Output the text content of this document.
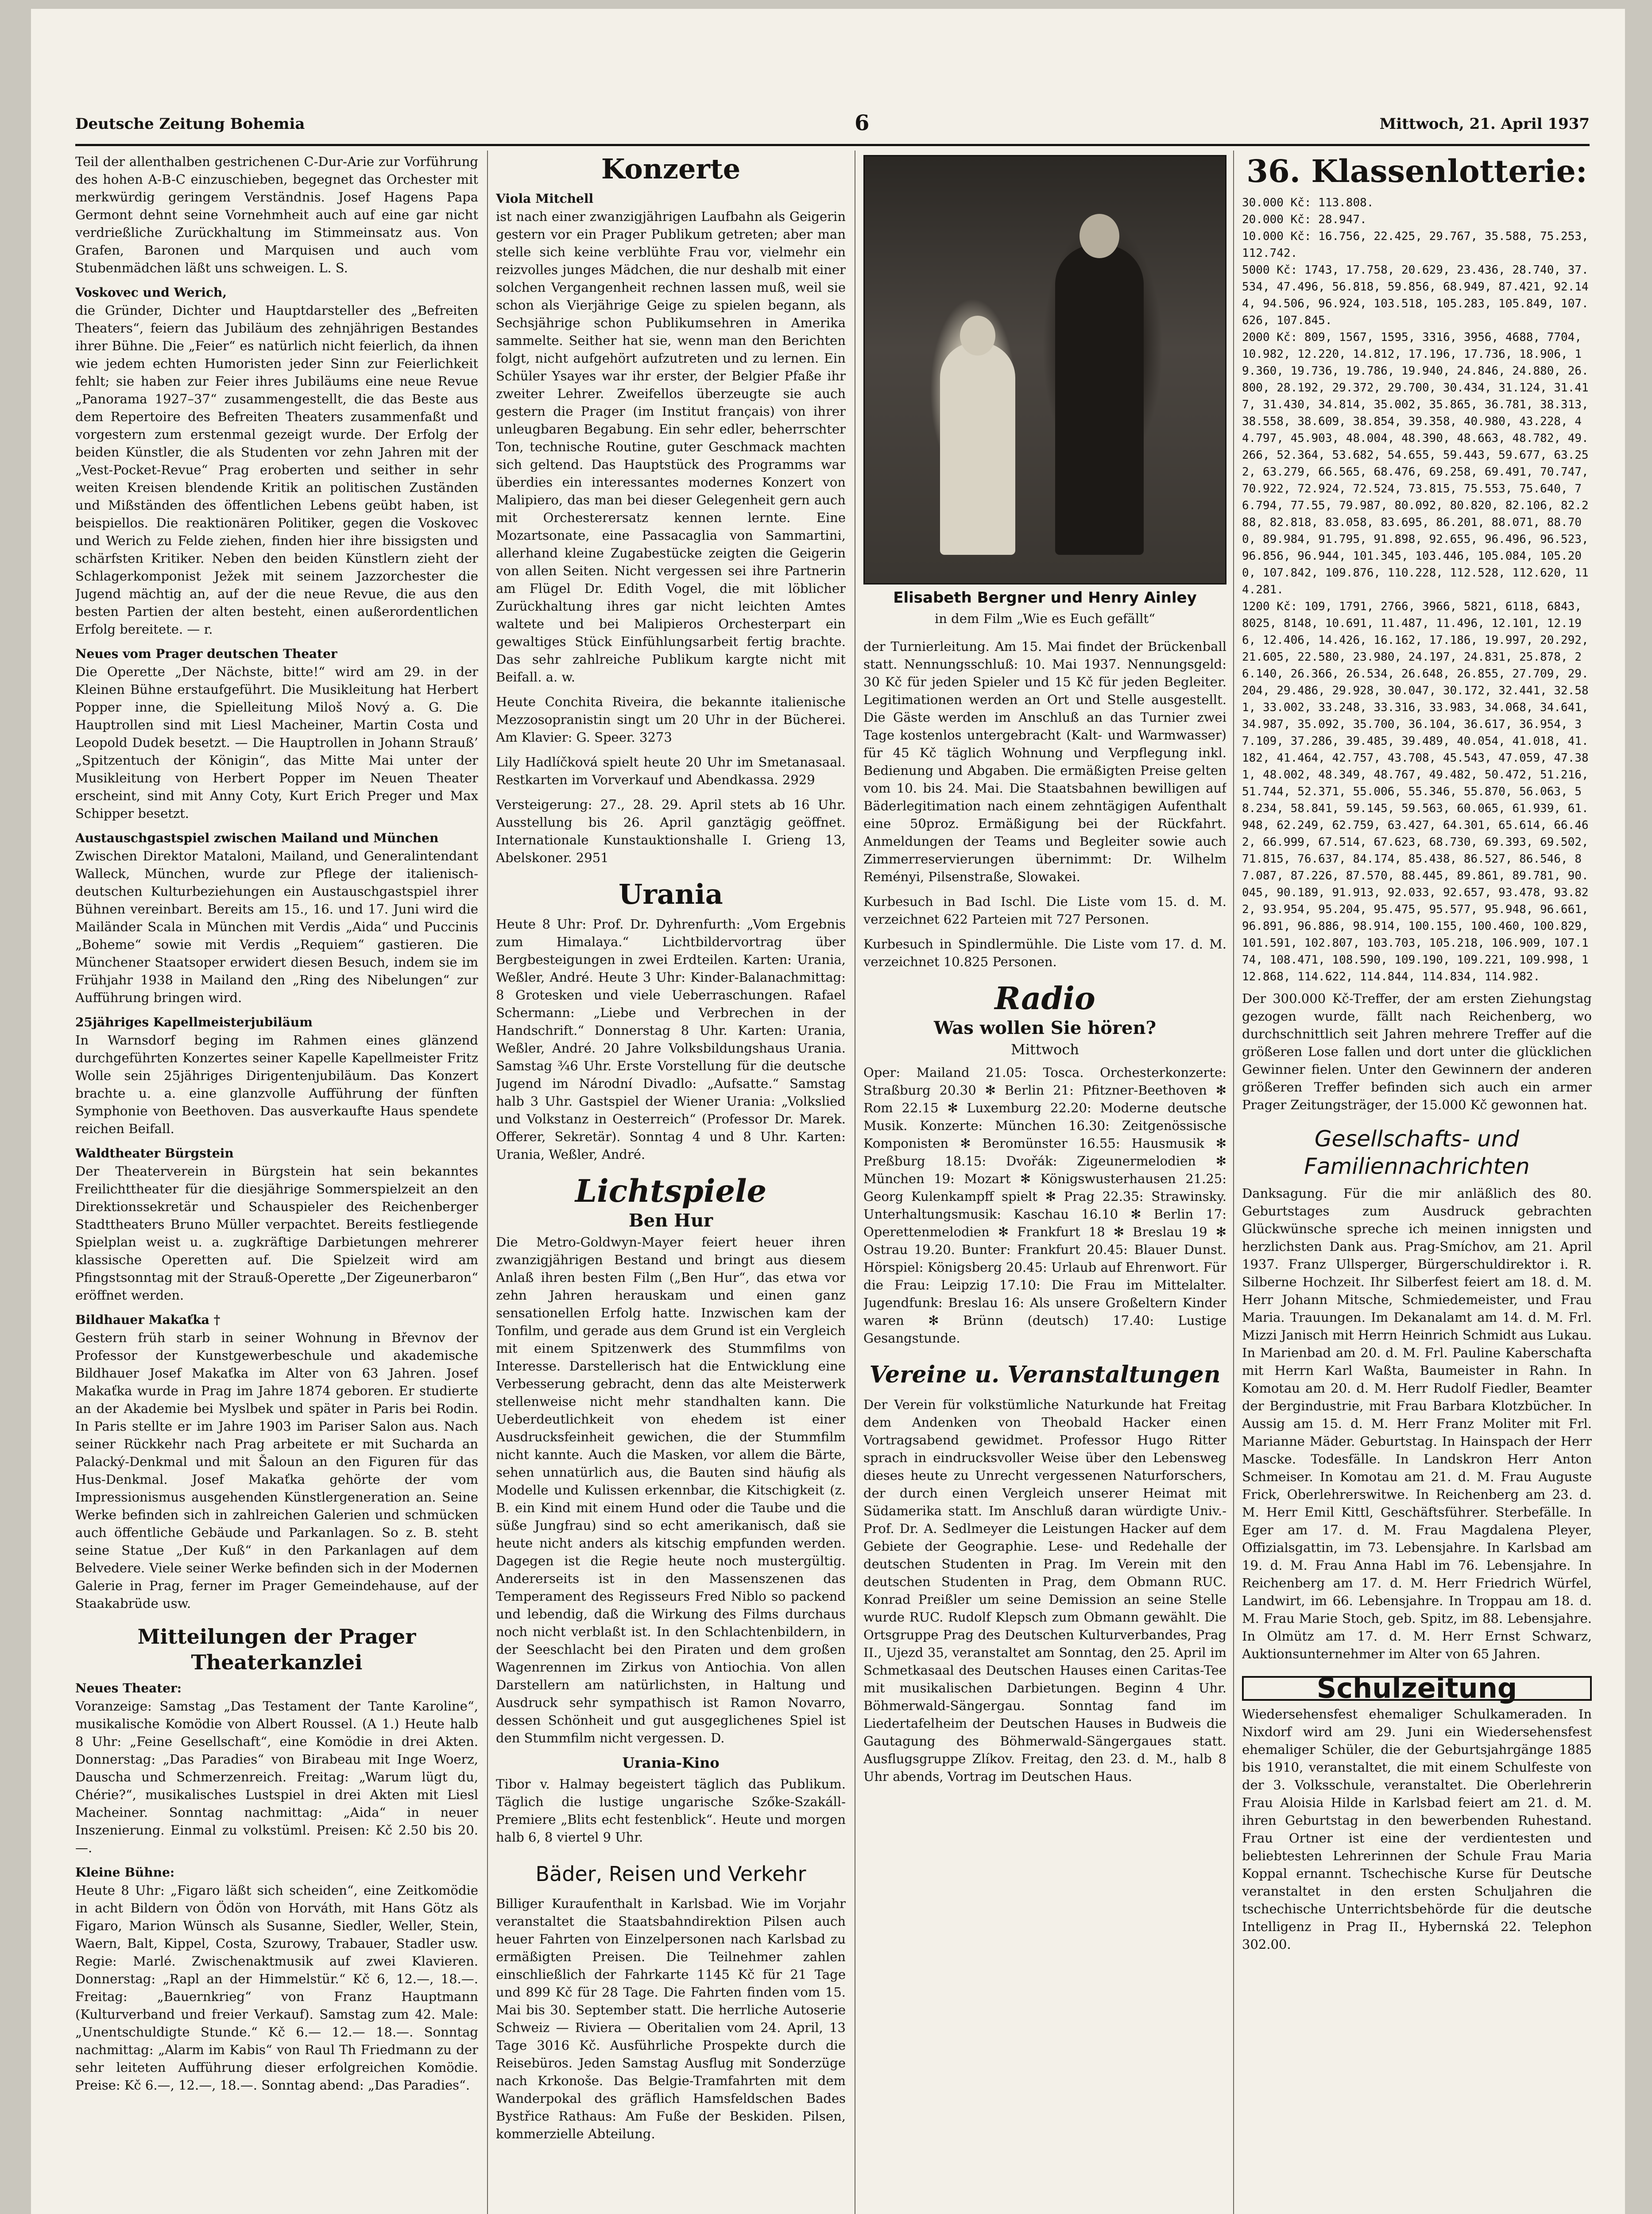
Deutsche Zeitung Bohemia	6	Mittwoch, 21. April 1937

Teil der allenthalben gestrichenen C-Dur-Arie zur Vorführung des hohen A-B-C einzuschieben, begegnet das Orchester mit merkwürdig geringem Verständnis. Josef Hagens Papa Germont dehnt seine Vornehmheit auch auf eine gar nicht verdrießliche Zurückhaltung im Stimmeinsatz aus. Von Grafen, Baronen und Marquisen und auch vom Stubenmädchen läßt uns schweigen. L. S.

Voskovec und Werich,

die Gründer, Dichter und Hauptdarsteller des „Befreiten Theaters“, feiern das Jubiläum des zehnjährigen Bestandes ihrer Bühne. Die „Feier“ es natürlich nicht feierlich, da ihnen wie jedem echten Humoristen jeder Sinn zur Feierlichkeit fehlt; sie haben zur Feier ihres Jubiläums eine neue Revue „Panorama 1927–37“ zusammengestellt, die das Beste aus dem Repertoire des Befreiten Theaters zusammenfaßt und vorgestern zum erstenmal gezeigt wurde. Der Erfolg der beiden Künstler, die als Studenten vor zehn Jahren mit der „Vest-Pocket-Revue“ Prag eroberten und seither in sehr weiten Kreisen blendende Kritik an politischen Zuständen und Mißständen des öffentlichen Lebens geübt haben, ist beispiellos. Die reaktionären Politiker, gegen die Voskovec und Werich zu Felde ziehen, finden hier ihre bissigsten und schärfsten Kritiker. Neben den beiden Künstlern zieht der Schlagerkomponist Ježek mit seinem Jazzorchester die Jugend mächtig an, auf der die neue Revue, die aus den besten Partien der alten besteht, einen außerordentlichen Erfolg bereitete. — r.

Neues vom Prager deutschen Theater

Die Operette „Der Nächste, bitte!“ wird am 29. in der Kleinen Bühne erstaufgeführt. Die Musikleitung hat Herbert Popper inne, die Spielleitung Miloš Nový a. G. Die Hauptrollen sind mit Liesl Macheiner, Martin Costa und Leopold Dudek besetzt. — Die Hauptrollen in Johann Strauß’ „Spitzentuch der Königin“, das Mitte Mai unter der Musikleitung von Herbert Popper im Neuen Theater erscheint, sind mit Anny Coty, Kurt Erich Preger und Max Schipper besetzt.

Austauschgastspiel zwischen Mailand und München

Zwischen Direktor Mataloni, Mailand, und Generalintendant Walleck, München, wurde zur Pflege der italienisch-deutschen Kulturbeziehungen ein Austauschgastspiel ihrer Bühnen vereinbart. Bereits am 15., 16. und 17. Juni wird die Mailänder Scala in München mit Verdis „Aida“ und Puccinis „Boheme“ sowie mit Verdis „Requiem“ gastieren. Die Münchener Staatsoper erwidert diesen Besuch, indem sie im Frühjahr 1938 in Mailand den „Ring des Nibelungen“ zur Aufführung bringen wird.

25jähriges Kapellmeisterjubiläum

In Warnsdorf beging im Rahmen eines glänzend durchgeführten Konzertes seiner Kapelle Kapellmeister Fritz Wolle sein 25jähriges Dirigentenjubiläum. Das Konzert brachte u. a. eine glanzvolle Aufführung der fünften Symphonie von Beethoven. Das ausverkaufte Haus spendete reichen Beifall.

Waldtheater Bürgstein

Der Theaterverein in Bürgstein hat sein bekanntes Freilichttheater für die diesjährige Sommerspielzeit an den Direktionssekretär und Schauspieler des Reichenberger Stadttheaters Bruno Müller verpachtet. Bereits festliegende Spielplan weist u. a. zugkräftige Darbietungen mehrerer klassische Operetten auf. Die Spielzeit wird am Pfingstsonntag mit der Strauß-Operette „Der Zigeunerbaron“ eröffnet werden.

Bildhauer Makaťka †

Gestern früh starb in seiner Wohnung in Břevnov der Professor der Kunstgewerbeschule und akademische Bildhauer Josef Makaťka im Alter von 63 Jahren. Josef Makaťka wurde in Prag im Jahre 1874 geboren. Er studierte an der Akademie bei Myslbek und später in Paris bei Rodin. In Paris stellte er im Jahre 1903 im Pariser Salon aus. Nach seiner Rückkehr nach Prag arbeitete er mit Suchardа an Palacký-Denkmal und mit Šaloun an den Figuren für das Hus-Denkmal. Josef Makaťka gehörte der vom Impressionismus ausgehenden Künstlergeneration an. Seine Werke befinden sich in zahlreichen Galerien und schmücken auch öffentliche Gebäude und Parkanlagen. So z. B. steht seine Statue „Der Kuß“ in den Parkanlagen auf dem Belvedere. Viele seiner Werke befinden sich in der Modernen Galerie in Prag, ferner im Prager Gemeindehause, auf der Staakabrüde usw.

Mitteilungen der Prager Theaterkanzlei
Neues Theater:

Voranzeige: Samstag „Das Testament der Tante Karoline“, musikalische Komödie von Albert Roussel. (A 1.) Heute halb 8 Uhr: „Feine Gesellschaft“, eine Komödie in drei Akten. Donnerstag: „Das Paradies“ von Birabeau mit Inge Woerz, Dauscha und Schmerzenreich. Freitag: „Warum lügt du, Chérie?“, musikalisches Lustspiel in drei Akten mit Liesl Macheiner. Sonntag nachmittag: „Aida“ in neuer Inszenierung. Einmal zu volkstüml. Preisen: Kč 2.50 bis 20.—.

Kleine Bühne:

Heute 8 Uhr: „Figaro läßt sich scheiden“, eine Zeitkomödie in acht Bildern von Ödön von Horváth, mit Hans Götz als Figaro, Marion Wünsch als Susanne, Siedler, Weller, Stein, Waern, Balt, Kippel, Costa, Szurowy, Trabauer, Stadler usw. Regie: Marlé. Zwischenaktmusik auf zwei Klavieren. Donnerstag: „Rapl an der Himmelstür.“ Kč 6, 12.—, 18.—. Freitag: „Bauernkrieg“ von Franz Hauptmann (Kulturverband und freier Verkauf). Samstag zum 42. Male: „Unentschuldigte Stunde.“ Kč 6.— 12.— 18.—. Sonntag nachmittag: „Alarm im Kabis“ von Raul Th Friedmann zu der sehr leiteten Aufführung dieser erfolgreichen Komödie. Preise: Kč 6.—, 12.—, 18.—. Sonntag abend: „Das Paradies“.

Konzerte
Viola Mitchell

ist nach einer zwanzigjährigen Laufbahn als Geigerin gestern vor ein Prager Publikum getreten; aber man stelle sich keine verblühte Frau vor, vielmehr ein reizvolles junges Mädchen, die nur deshalb mit einer solchen Vergangenheit rechnen lassen muß, weil sie schon als Vierjährige Geige zu spielen begann, als Sechsjährige schon Publikumsehren in Amerika sammelte. Seither hat sie, wenn man den Berichten folgt, nicht aufgehört aufzutreten und zu lernen. Ein Schüler Ysayes war ihr erster, der Belgier Pfaße ihr zweiter Lehrer. Zweifellos überzeugte sie auch gestern die Prager (im Institut français) von ihrer unleugbaren Begabung. Ein sehr edler, beherrschter Ton, technische Routine, guter Geschmack machten sich geltend. Das Hauptstück des Programms war überdies ein interessantes modernes Konzert von Malipiero, das man bei dieser Gelegenheit gern auch mit Orchesterersatz kennen lernte. Eine Mozartsonate, eine Passacaglia von Sammartini, allerhand kleine Zugabestücke zeigten die Geigerin von allen Seiten. Nicht vergessen sei ihre Partnerin am Flügel Dr. Edith Vogel, die mit löblicher Zurückhaltung ihres gar nicht leichten Amtes waltete und bei Malipieros Orchesterpart ein gewaltiges Stück Einfühlungsarbeit fertig brachte. Das sehr zahlreiche Publikum kargte nicht mit Beifall. a. w.

Heute Conchita Riveira, die bekannte italienische Mezzosopranistin singt um 20 Uhr in der Bücherei. Am Klavier: G. Speer. 3273

Lily Hadlíčková spielt heute 20 Uhr im Smetanasaal. Restkarten im Vorverkauf und Abendkassa. 2929

Versteigerung: 27., 28. 29. April stets ab 16 Uhr. Ausstellung bis 26. April ganztägig geöffnet. Internationale Kunstauktionshalle I. Grieng 13, Abelskoner. 2951

Urania

Heute 8 Uhr: Prof. Dr. Dyhrenfurth: „Vom Ergebnis zum Himalaya.“ Lichtbildervortrag über Bergbesteigungen in zwei Erdteilen. Karten: Urania, Weßler, André. Heute 3 Uhr: Kinder-Balanachmittag: 8 Grotesken und viele Ueberraschungen. Rafael Schermann: „Liebe und Verbrechen in der Handschrift.“ Donnerstag 8 Uhr. Karten: Urania, Weßler, André. 20 Jahre Volksbildungshaus Urania. Samstag ¾6 Uhr. Erste Vorstellung für die deutsche Jugend im Národní Divadlo: „Aufsatte.“ Samstag halb 3 Uhr. Gastspiel der Wiener Urania: „Volkslied und Volkstanz in Oesterreich“ (Professor Dr. Marek. Offerer, Sekretär). Sonntag 4 und 8 Uhr. Karten: Urania, Weßler, André.

Lichtspiele
Ben Hur

Die Metro-Goldwyn-Mayer feiert heuer ihren zwanzigjährigen Bestand und bringt aus diesem Anlaß ihren besten Film („Ben Hur“, das etwa vor zehn Jahren herauskam und einen ganz sensationellen Erfolg hatte. Inzwischen kam der Tonfilm, und gerade aus dem Grund ist ein Vergleich mit einem Spitzenwerk des Stummfilms von Interesse. Darstellerisch hat die Entwicklung eine Verbesserung gebracht, denn das alte Meisterwerk stellenweise nicht mehr standhalten kann. Die Ueberdeutlichkeit von ehedem ist einer Ausdrucksfeinheit gewichen, die der Stummfilm nicht kannte. Auch die Masken, vor allem die Bärte, sehen unnatürlich aus, die Bauten sind häufig als Modelle und Kulissen erkennbar, die Kitschigkeit (z. B. ein Kind mit einem Hund oder die Taube und die süße Jungfrau) sind so echt amerikanisch, daß sie heute nicht anders als kitschig empfunden werden. Dagegen ist die Regie heute noch mustergültig. Andererseits ist in den Massenszenen das Temperament des Regisseurs Fred Niblo so packend und lebendig, daß die Wirkung des Films durchaus noch nicht verblaßt ist. In den Schlachtenbildern, in der Seeschlacht bei den Piraten und dem großen Wagenrennen im Zirkus von Antiochia. Von allen Darstellern am natürlichsten, in Haltung und Ausdruck sehr sympathisch ist Ramon Novarro, dessen Schönheit und gut ausgeglichenes Spiel ist den Stummfilm nicht vergessen. D.

Urania-Kino

Tibor v. Halmay begeistert täglich das Publikum. Täglich die lustige ungarische Szőke-Szakáll-Premiere „Blits echt festenblick“. Heute und morgen halb 6, 8 viertel 9 Uhr.

Bäder, Reisen und Verkehr

Billiger Kuraufenthalt in Karlsbad. Wie im Vorjahr veranstaltet die Staatsbahndirektion Pilsen auch heuer Fahrten von Einzelpersonen nach Karlsbad zu ermäßigten Preisen. Die Teilnehmer zahlen einschließlich der Fahrkarte 1145 Kč für 21 Tage und 899 Kč für 28 Tage. Die Fahrten finden vom 15. Mai bis 30. September statt. Die herrliche Autoserie Schweiz — Riviera — Oberitalien vom 24. April, 13 Tage 3016 Kč. Ausführliche Prospekte durch die Reisebüros. Jeden Samstag Ausflug mit Sonderzüge nach Krkonoše. Das Belgie-Tramfahrten mit dem Wanderpokal des gräflich Hamsfeldschen Bades Bystřice Rathaus: Am Fuße der Beskiden. Pilsen, kommerzielle Abteilung.

Elisabeth Bergner und Henry Ainley
in dem Film „Wie es Euch gefällt“

der Turnierleitung. Am 15. Mai findet der Brückenball statt. Nennungsschluß: 10. Mai 1937. Nennungsgeld: 30 Kč für jeden Spieler und 15 Kč für jeden Begleiter. Legitimationen werden an Ort und Stelle ausgestellt. Die Gäste werden im Anschluß an das Turnier zwei Tage kostenlos untergebracht (Kalt- und Warmwasser) für 45 Kč täglich Wohnung und Verpflegung inkl. Bedienung und Abgaben. Die ermäßigten Preise gelten vom 10. bis 24. Mai. Die Staatsbahnen bewilligen auf Bäderlegitimation nach einem zehntägigen Aufenthalt eine 50proz. Ermäßigung bei der Rückfahrt. Anmeldungen der Teams und Begleiter sowie auch Zimmerreservierungen übernimmt: Dr. Wilhelm Reményi, Pilsenstraße, Slowakei.

Kurbesuch in Bad Ischl. Die Liste vom 15. d. M. verzeichnet 622 Parteien mit 727 Personen.

Kurbesuch in Spindlermühle. Die Liste vom 17. d. M. verzeichnet 10.825 Personen.

Radio
Was wollen Sie hören?
Mittwoch

Oper: Mailand 21.05: Tosca. Orchesterkonzerte: Straßburg 20.30 ✻ Berlin 21: Pfitzner-Beethoven ✻ Rom 22.15 ✻ Luxemburg 22.20: Moderne deutsche Musik. Konzerte: München 16.30: Zeitgenössische Komponisten ✻ Beromünster 16.55: Hausmusik ✻ Preßburg 18.15: Dvořák: Zigeunermelodien ✻ München 19: Mozart ✻ Königswusterhausen 21.25: Georg Kulenkampff spielt ✻ Prag 22.35: Strawinsky. Unterhaltungsmusik: Kaschau 16.10 ✻ Berlin 17: Operettenmelodien ✻ Frankfurt 18 ✻ Breslau 19 ✻ Ostrau 19.20. Bunter: Frankfurt 20.45: Blauer Dunst. Hörspiel: Königsberg 20.45: Urlaub auf Ehrenwort. Für die Frau: Leipzig 17.10: Die Frau im Mittelalter. Jugendfunk: Breslau 16: Als unsere Großeltern Kinder waren ✻ Brünn (deutsch) 17.40: Lustige Gesangstunde.

Vereine u. Veranstaltungen

Der Verein für volkstümliche Naturkunde hat Freitag dem Andenken von Theobald Hacker einen Vortragsabend gewidmet. Professor Hugo Ritter sprach in eindrucksvoller Weise über den Lebensweg dieses heute zu Unrecht vergessenen Naturforschers, der durch einen Vergleich unserer Heimat mit Südamerika statt. Im Anschluß daran würdigte Univ.-Prof. Dr. A. Sedlmeyer die Leistungen Hacker auf dem Gebiete der Geographie. Lese- und Redehalle der deutschen Studenten in Prag. Im Verein mit den deutschen Studenten in Prag, dem Obmann RUC. Konrad Preißler um seine Demission an seine Stelle wurde RUC. Rudolf Klepsch zum Obmann gewählt. Die Ortsgruppe Prag des Deutschen Kulturverbandes, Prag II., Ujezd 35, veranstaltet am Sonntag, den 25. April im Schmetkasaal des Deutschen Hauses einen Caritas-Tee mit musikalischen Darbietungen. Beginn 4 Uhr. Böhmerwald-Sängergau. Sonntag fand im Liedertafelheim der Deutschen Hauses in Budweis die Gautagung des Böhmerwald-Sängergaues statt. Ausflugsgruppe Zlíkov. Freitag, den 23. d. M., halb 8 Uhr abends, Vortrag im Deutschen Haus.

36. Klassenlotterie:
30.000 Kč: 113.808.
20.000 Kč: 28.947.
10.000 Kč: 16.756, 22.425, 29.767, 35.588, 75.253, 112.742.
5000 Kč: 1743, 17.758, 20.629, 23.436, 28.740, 37.534, 47.496, 56.818, 59.856, 68.949, 87.421, 92.144, 94.506, 96.924, 103.518, 105.283, 105.849, 107.626, 107.845.
2000 Kč: 809, 1567, 1595, 3316, 3956, 4688, 7704, 10.982, 12.220, 14.812, 17.196, 17.736, 18.906, 19.360, 19.736, 19.786, 19.940, 24.846, 24.880, 26.800, 28.192, 29.372, 29.700, 30.434, 31.124, 31.417, 31.430, 34.814, 35.002, 35.865, 36.781, 38.313, 38.558, 38.609, 38.854, 39.358, 40.980, 43.228, 44.797, 45.903, 48.004, 48.390, 48.663, 48.782, 49.266, 52.364, 53.682, 54.655, 59.443, 59.677, 63.252, 63.279, 66.565, 68.476, 69.258, 69.491, 70.747, 70.922, 72.924, 72.524, 73.815, 75.553, 75.640, 76.794, 77.55, 79.987, 80.092, 80.820, 82.106, 82.288, 82.818, 83.058, 83.695, 86.201, 88.071, 88.700, 89.984, 91.795, 91.898, 92.655, 96.496, 96.523, 96.856, 96.944, 101.345, 103.446, 105.084, 105.200, 107.842, 109.876, 110.228, 112.528, 112.620, 114.281.
1200 Kč: 109, 1791, 2766, 3966, 5821, 6118, 6843, 8025, 8148, 10.691, 11.487, 11.496, 12.101, 12.196, 12.406, 14.426, 16.162, 17.186, 19.997, 20.292, 21.605, 22.580, 23.980, 24.197, 24.831, 25.878, 26.140, 26.366, 26.534, 26.648, 26.855, 27.709, 29.204, 29.486, 29.928, 30.047, 30.172, 32.441, 32.581, 33.002, 33.248, 33.316, 33.983, 34.068, 34.641, 34.987, 35.092, 35.700, 36.104, 36.617, 36.954, 37.109, 37.286, 39.485, 39.489, 40.054, 41.018, 41.182, 41.464, 42.757, 43.708, 45.543, 47.059, 47.381, 48.002, 48.349, 48.767, 49.482, 50.472, 51.216, 51.744, 52.371, 55.006, 55.346, 55.870, 56.063, 58.234, 58.841, 59.145, 59.563, 60.065, 61.939, 61.948, 62.249, 62.759, 63.427, 64.301, 65.614, 66.462, 66.999, 67.514, 67.623, 68.730, 69.393, 69.502, 71.815, 76.637, 84.174, 85.438, 86.527, 86.546, 87.087, 87.226, 87.570, 88.445, 89.861, 89.781, 90.045, 90.189, 91.913, 92.033, 92.657, 93.478, 93.822, 93.954, 95.204, 95.475, 95.577, 95.948, 96.661, 96.891, 96.886, 98.914, 100.155, 100.460, 100.829, 101.591, 102.807, 103.703, 105.218, 106.909, 107.174, 108.471, 108.590, 109.190, 109.221, 109.998, 112.868, 114.622, 114.844, 114.834, 114.982.

Der 300.000 Kč-Treffer, der am ersten Ziehungstag gezogen wurde, fällt nach Reichenberg, wo durchschnittlich seit Jahren mehrere Treffer auf die größeren Lose fallen und dort unter die glücklichen Gewinner fielen. Unter den Gewinnern der anderen größeren Treffer befinden sich auch ein armer Prager Zeitungsträger, der 15.000 Kč gewonnen hat.

Gesellschafts- und Familiennachrichten

Danksagung. Für die mir anläßlich des 80. Geburtstages zum Ausdruck gebrachten Glückwünsche spreche ich meinen innigsten und herzlichsten Dank aus. Prag-Smíchov, am 21. April 1937. Franz Ullsperger, Bürgerschuldirektor i. R. Silberne Hochzeit. Ihr Silberfest feiert am 18. d. M. Herr Johann Mitsche, Schmiedemeister, und Frau Maria. Trauungen. Im Dekanalamt am 14. d. M. Frl. Mizzi Janisch mit Herrn Heinrich Schmidt aus Lukau. In Marienbad am 20. d. M. Frl. Pauline Kaberschafta mit Herrn Karl Waßta, Baumeister in Rahn. In Komotau am 20. d. M. Herr Rudolf Fiedler, Beamter der Bergindustrie, mit Frau Barbara Klotzbücher. In Aussig am 15. d. M. Herr Franz Moliter mit Frl. Marianne Mäder. Geburtstag. In Hainspach der Herr Mascke. Todesfälle. In Landskron Herr Anton Schmeiser. In Komotau am 21. d. M. Frau Auguste Frick, Oberlehrerswitwe. In Reichenberg am 23. d. M. Herr Emil Kittl, Geschäftsführer. Sterbefälle. In Eger am 17. d. M. Frau Magdalena Pleyer, Offizialsgattin, im 73. Lebensjahre. In Karlsbad am 19. d. M. Frau Anna Habl im 76. Lebensjahre. In Reichenberg am 17. d. M. Herr Friedrich Würfel, Landwirt, im 66. Lebensjahre. In Troppau am 18. d. M. Frau Marie Stoch, geb. Spitz, im 88. Lebensjahre. In Olmütz am 17. d. M. Herr Ernst Schwarz, Auktionsunternehmer im Alter von 65 Jahren.

Schulzeitung

Wiedersehensfest ehemaliger Schulkameraden. In Nixdorf wird am 29. Juni ein Wiedersehensfest ehemaliger Schüler, die der Geburtsjahrgänge 1885 bis 1910, veranstaltet, die mit einem Schulfeste von der 3. Volksschule, veranstaltet. Die Oberlehrerin Frau Aloisia Hilde in Karlsbad feiert am 21. d. M. ihren Geburtstag in den bewerbenden Ruhestand. Frau Ortner ist eine der verdientesten und beliebtesten Lehrerinnen der Schule Frau Maria Koppal ernannt. Tschechische Kurse für Deutsche veranstaltet in den ersten Schuljahren die tschechische Unterrichtsbehörde für die deutsche Intelligenz in Prag II., Hybernská 22. Telephon 302.00.
